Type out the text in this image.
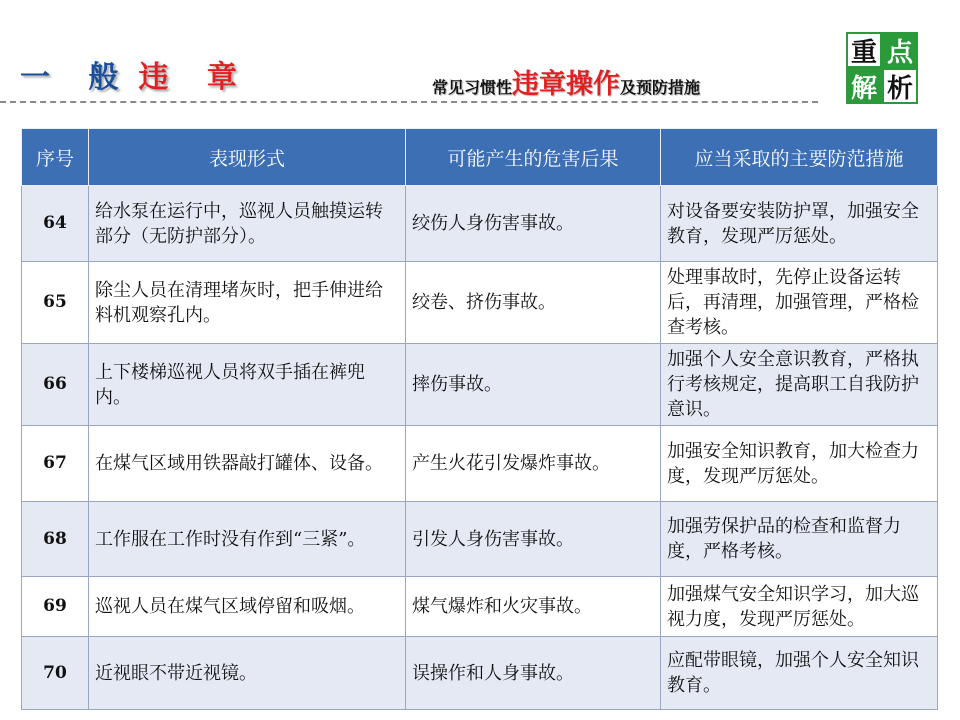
一 般 违 章	常见习惯性违章操作及预防措施
重 点
解 析
序号	表现形式	可能产生的危害后果	应当采取的主要防范措施
64	给水泵在运行中，巡视人员触摸运转部分（无防护部分）。	绞伤人身伤害事故。	对设备要安装防护罩，加强安全教育，发现严厉惩处。
65	除尘人员在清理堵灰时，把手伸进给料机观察孔内。	绞卷、挤伤事故。	处理事故时，先停止设备运转后，再清理，加强管理，严格检查考核。
66	上下楼梯巡视人员将双手插在裤兜内。	摔伤事故。	加强个人安全意识教育，严格执行考核规定，提高职工自我防护意识。
67	在煤气区域用铁器敲打罐体、设备。	产生火花引发爆炸事故。	加强安全知识教育，加大检查力度，发现严厉惩处。
68	工作服在工作时没有作到“三紧”。	引发人身伤害事故。	加强劳保护品的检查和监督力度，严格考核。
69	巡视人员在煤气区域停留和吸烟。	煤气爆炸和火灾事故。	加强煤气安全知识学习，加大巡视力度，发现严厉惩处。
70	近视眼不带近视镜。	误操作和人身事故。	应配带眼镜，加强个人安全知识教育。
